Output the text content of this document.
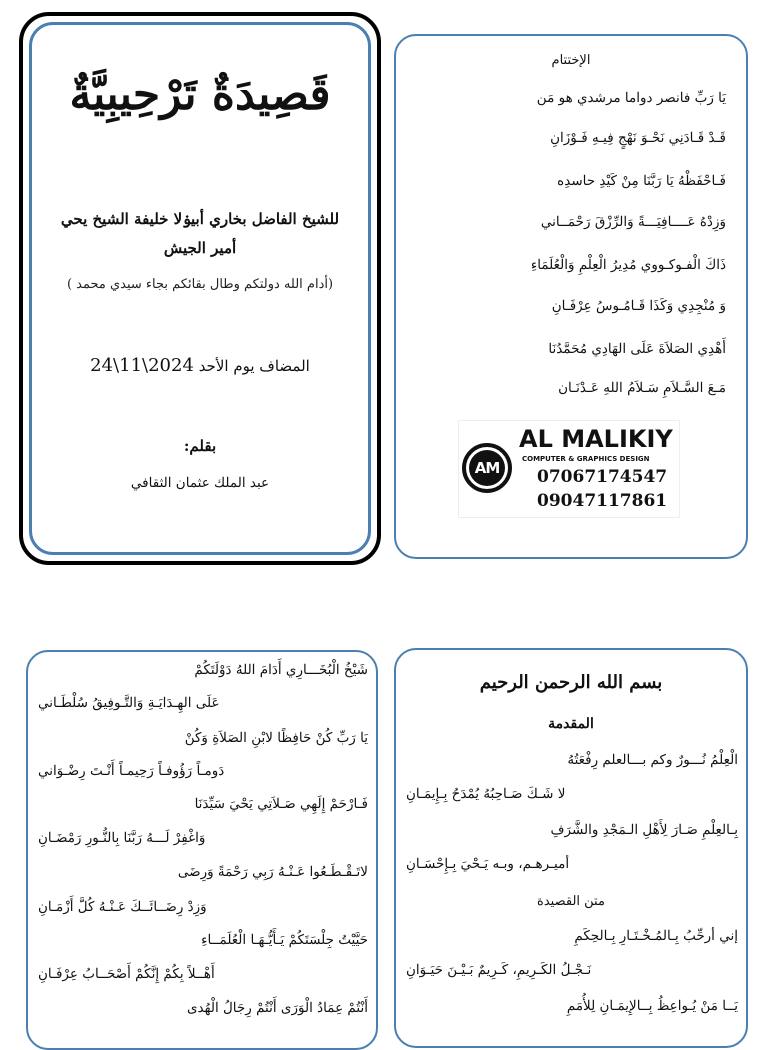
قَصِيدَةٌ تَرْحِيبِيَّةٌ
للشيخ الفاضل بخاري أبيۏلا خليفة الشيخ يحي أمير الجيش
(أدام الله دولتكم وطال بقائكم بجاء سيدي محمد )
المضاف يوم الأحد 24\11\2024
بقلم:
عبد الملك عثمان الثقافي
الإختتام
يَا رَبِّ فانصر دواما مرشدي هو مَن
قَـدْ قَـادَنِي نَحْـوَ نَهْجٍ فِيـهِ فَـوْزَانِ
فَـاحْفَظْهُ يَا رَبَّنَا مِنْ كَيْدِ حاسدِه
وَزِدْهُ عَــــافِيَـــةً وَالرِّزْقَ رَحْمَــاني
ذَاكَ الْفـوكـووي مُدِيرُ الْعِلْمِ وَالْعُلَمَاءِ
وَ مُنْجِدِي وَكَذَا قَـامُـوسُ عِرْفَـانِ
أَهْدِي الصَلاَةَ عَلَى الهَادِي مُحَمَّدُنَا
مَـعَ السَّـلاَمِ سَـلاَمُ اللهِ عَـدْنَـان
AM
AL MALIKIY
COMPUTER & GRAPHICS DESIGN
07067174547
09047117861
شَيْخُ الْبُخَـــارِي أَدَامَ اللهُ دَوْلَتَكُمْ
عَلَى الهِـدَايَـةِ وَالتَّـوفِيقُ سُلْطَـاني
يَا رَبِّ كُنْ حَافِظًا لابْنِ الصَلاَةِ وَكُنْ
دَومـاً رَؤُوفـاً رَحِيمـاً أَنْـتَ رِضْـوَاني
فَـارْحَمْ إِلَهِي صَـلاَتِي يَحْيَ سَيِّدَنَا
وَاغْفِرْ لَـــهُ رَبَّنَا بِالنُّـورِ رَمْضَـانِ
لاتَـقْـطَـعُوا عَـنْـهُ رَبِي رَحْمَةً وَرِضَى
وَزِدْ رِضَــائَــكَ عَـنْـهُ كُلَّ أَزْمَـانِ
حَيَّيْتُ جِلْسَتَكُمْ يَـأَيُّـهَـا الْعُلَمَــاءِ
أَهْــلاً بِكُمْ إِنَّكُمْ أَصْحَــابُ عِرْفَـانِ
أَنْتُمْ عِمَادُ الْوَرَى أَنْتُمْ رِجَالُ الْهُدى
بسم الله الرحمن الرحيم
المقدمة
الْعِلْمُ نُـــورٌ وكم بـــالعلم رِفْعَتُهُ
لا شَـكَ صَـاحِبُهُ يُمْدَحُ بِـإِيمَـانِ
بِـالعِلْمِ صَـارَ لِأَهْلِ الـمَجْدِ والشَّرَفِ
أميـرهـم، وبـه يَـحْيَ بِـإِحْسَـانِ
متن القصيدة
إني أرحِّبُ بِـالمُـخْـتَـارِ بِـالحِكَمِ
نَـجْـلُ الكَـرِيمِ، كَـرِيمٌ بَـيْـنَ حَيَـوَانِ
يَــا مَنْ يُـواعِظُ بِــالإِيمَـانِ لِلأُمَمِ
